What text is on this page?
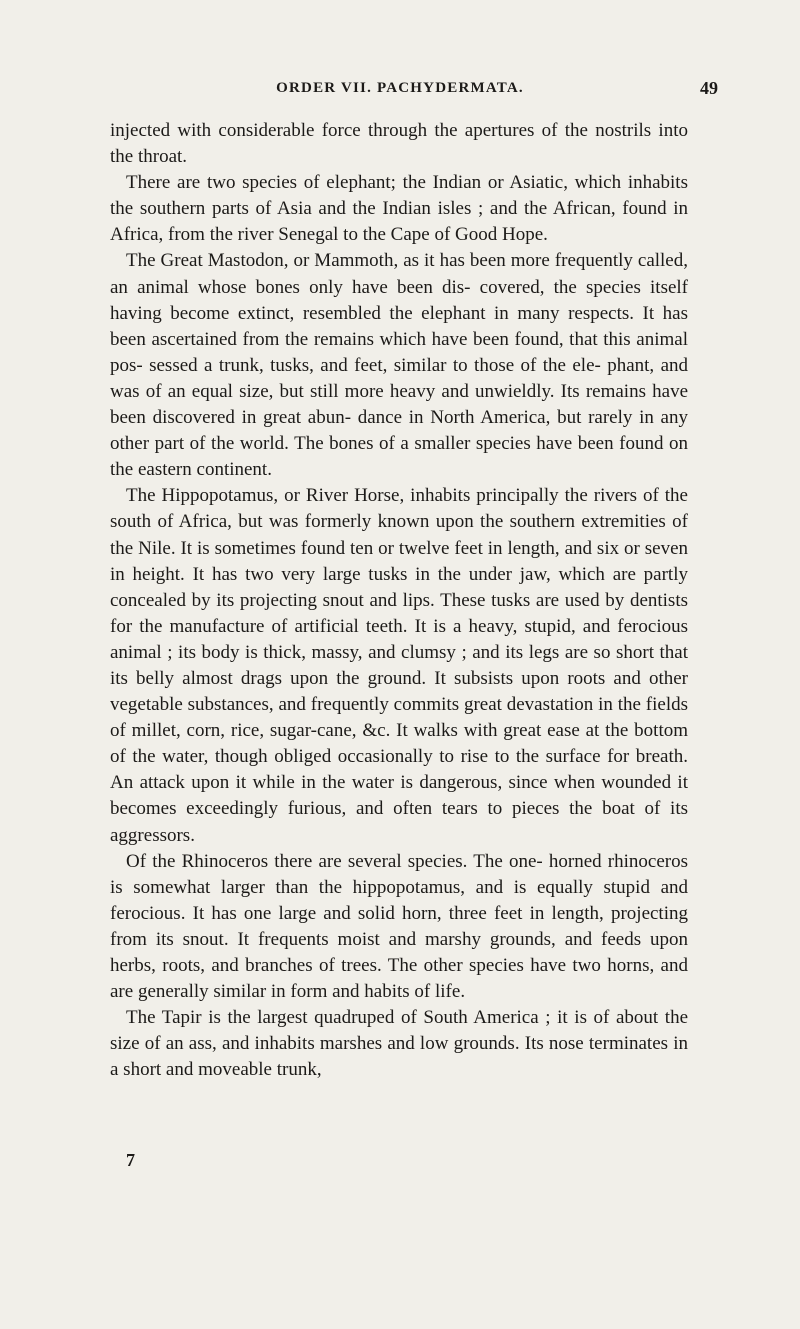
ORDER VII. PACHYDERMATA.	49

injected with considerable force through the apertures of the nostrils into the throat.

There are two species of elephant; the Indian or Asiatic, which inhabits the southern parts of Asia and the Indian isles ; and the African, found in Africa, from the river Senegal to the Cape of Good Hope.

The Great Mastodon, or Mammoth, as it has been more frequently called, an animal whose bones only have been dis- covered, the species itself having become extinct, resembled the elephant in many respects. It has been ascertained from the remains which have been found, that this animal pos- sessed a trunk, tusks, and feet, similar to those of the ele- phant, and was of an equal size, but still more heavy and unwieldly. Its remains have been discovered in great abun- dance in North America, but rarely in any other part of the world. The bones of a smaller species have been found on the eastern continent.

The Hippopotamus, or River Horse, inhabits principally the rivers of the south of Africa, but was formerly known upon the southern extremities of the Nile. It is sometimes found ten or twelve feet in length, and six or seven in height. It has two very large tusks in the under jaw, which are partly concealed by its projecting snout and lips. These tusks are used by dentists for the manufacture of artificial teeth. It is a heavy, stupid, and ferocious animal ; its body is thick, massy, and clumsy ; and its legs are so short that its belly almost drags upon the ground. It subsists upon roots and other vegetable substances, and frequently commits great devastation in the fields of millet, corn, rice, sugar-cane, &c. It walks with great ease at the bottom of the water, though obliged occasionally to rise to the surface for breath. An attack upon it while in the water is dangerous, since when wounded it becomes exceedingly furious, and often tears to pieces the boat of its aggressors.

Of the Rhinoceros there are several species. The one- horned rhinoceros is somewhat larger than the hippopotamus, and is equally stupid and ferocious. It has one large and solid horn, three feet in length, projecting from its snout. It frequents moist and marshy grounds, and feeds upon herbs, roots, and branches of trees. The other species have two horns, and are generally similar in form and habits of life.

The Tapir is the largest quadruped of South America ; it is of about the size of an ass, and inhabits marshes and low grounds. Its nose terminates in a short and moveable trunk,

7
